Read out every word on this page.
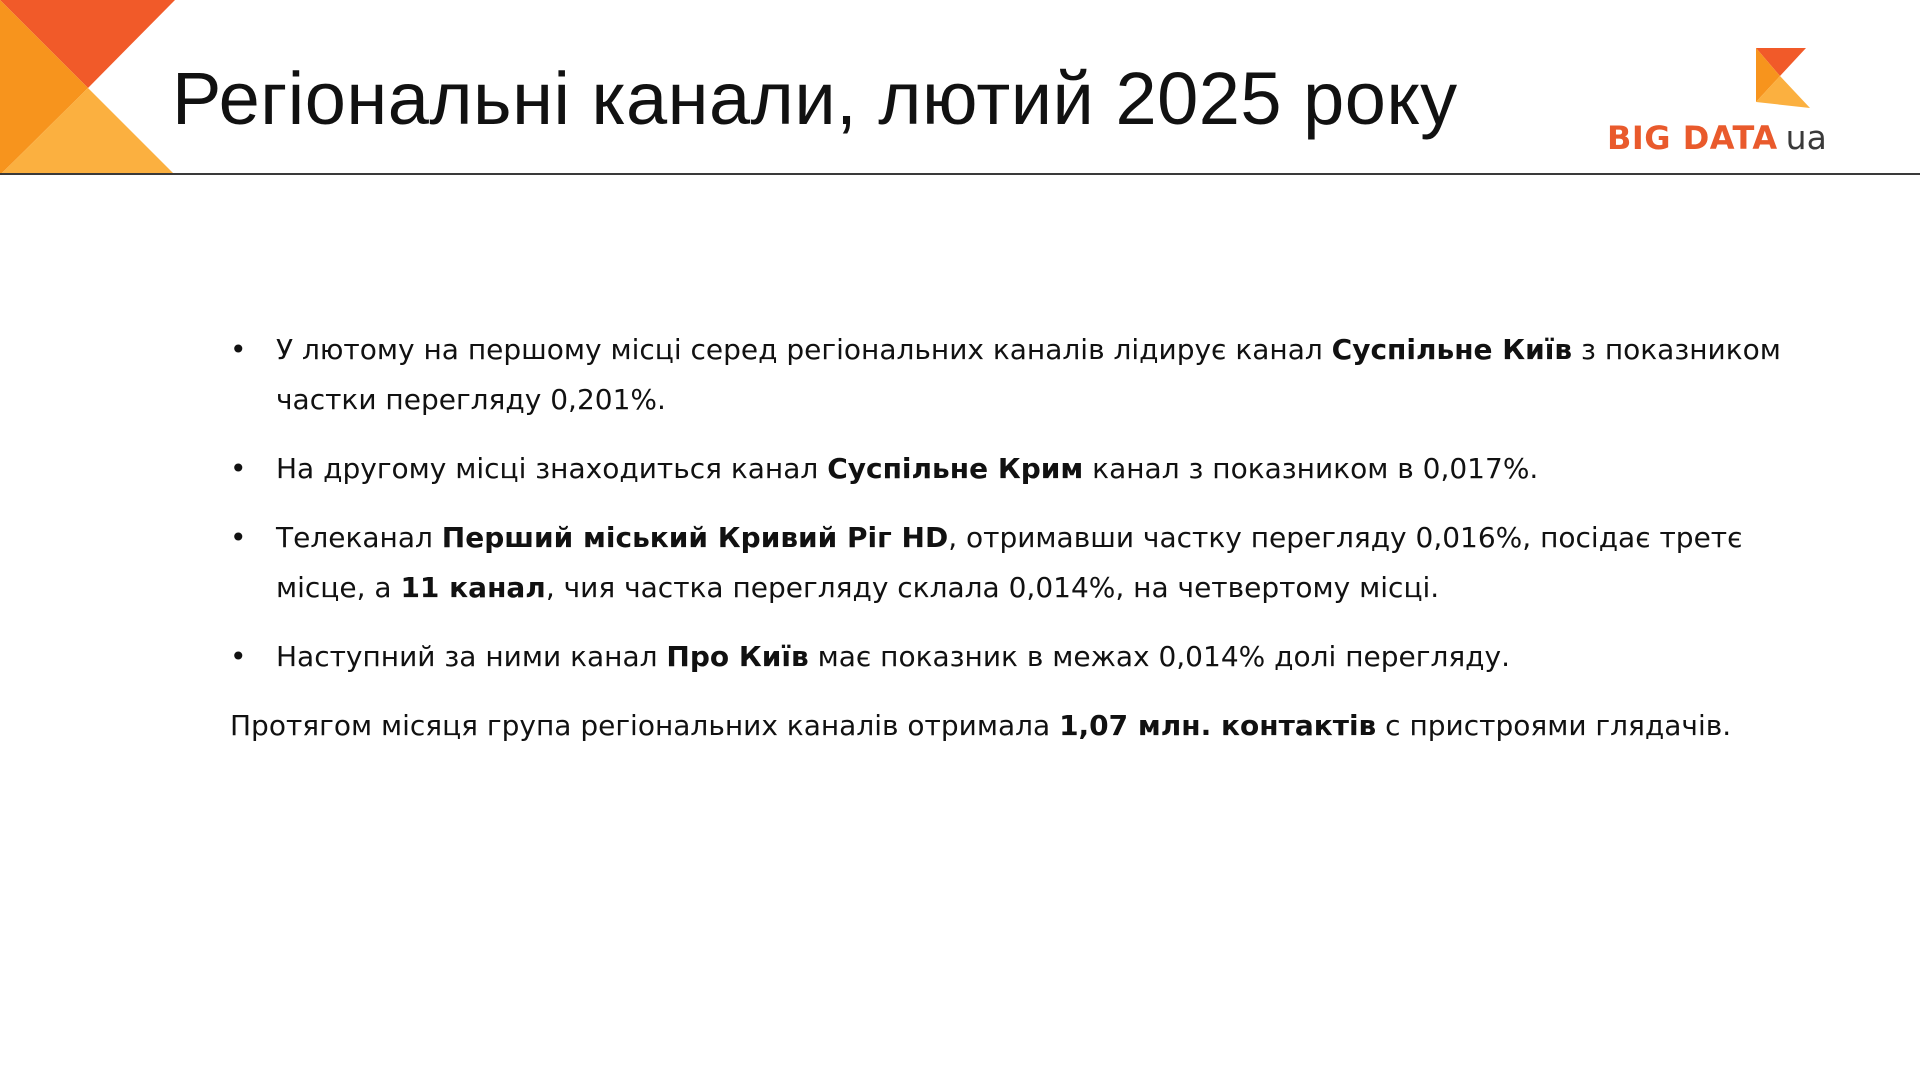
Регіональні канали, лютий 2025 року	BIG DATA ua
• У лютому на першому місці серед регіональних каналів лідирує канал Суспільне Київ з показником частки перегляду 0,201%.
• На другому місці знаходиться канал Суспільне Крим канал з показником в 0,017%.
• Телеканал Перший міський Кривий Ріг HD, отримавши частку перегляду 0,016%, посідає третє місце, а 11 канал, чия частка перегляду склала 0,014%, на четвертому місці.
• Наступний за ними канал Про Київ має показник в межах 0,014% долі перегляду.

Протягом місяця група регіональних каналів отримала 1,07 млн. контактів с пристроями глядачів.
